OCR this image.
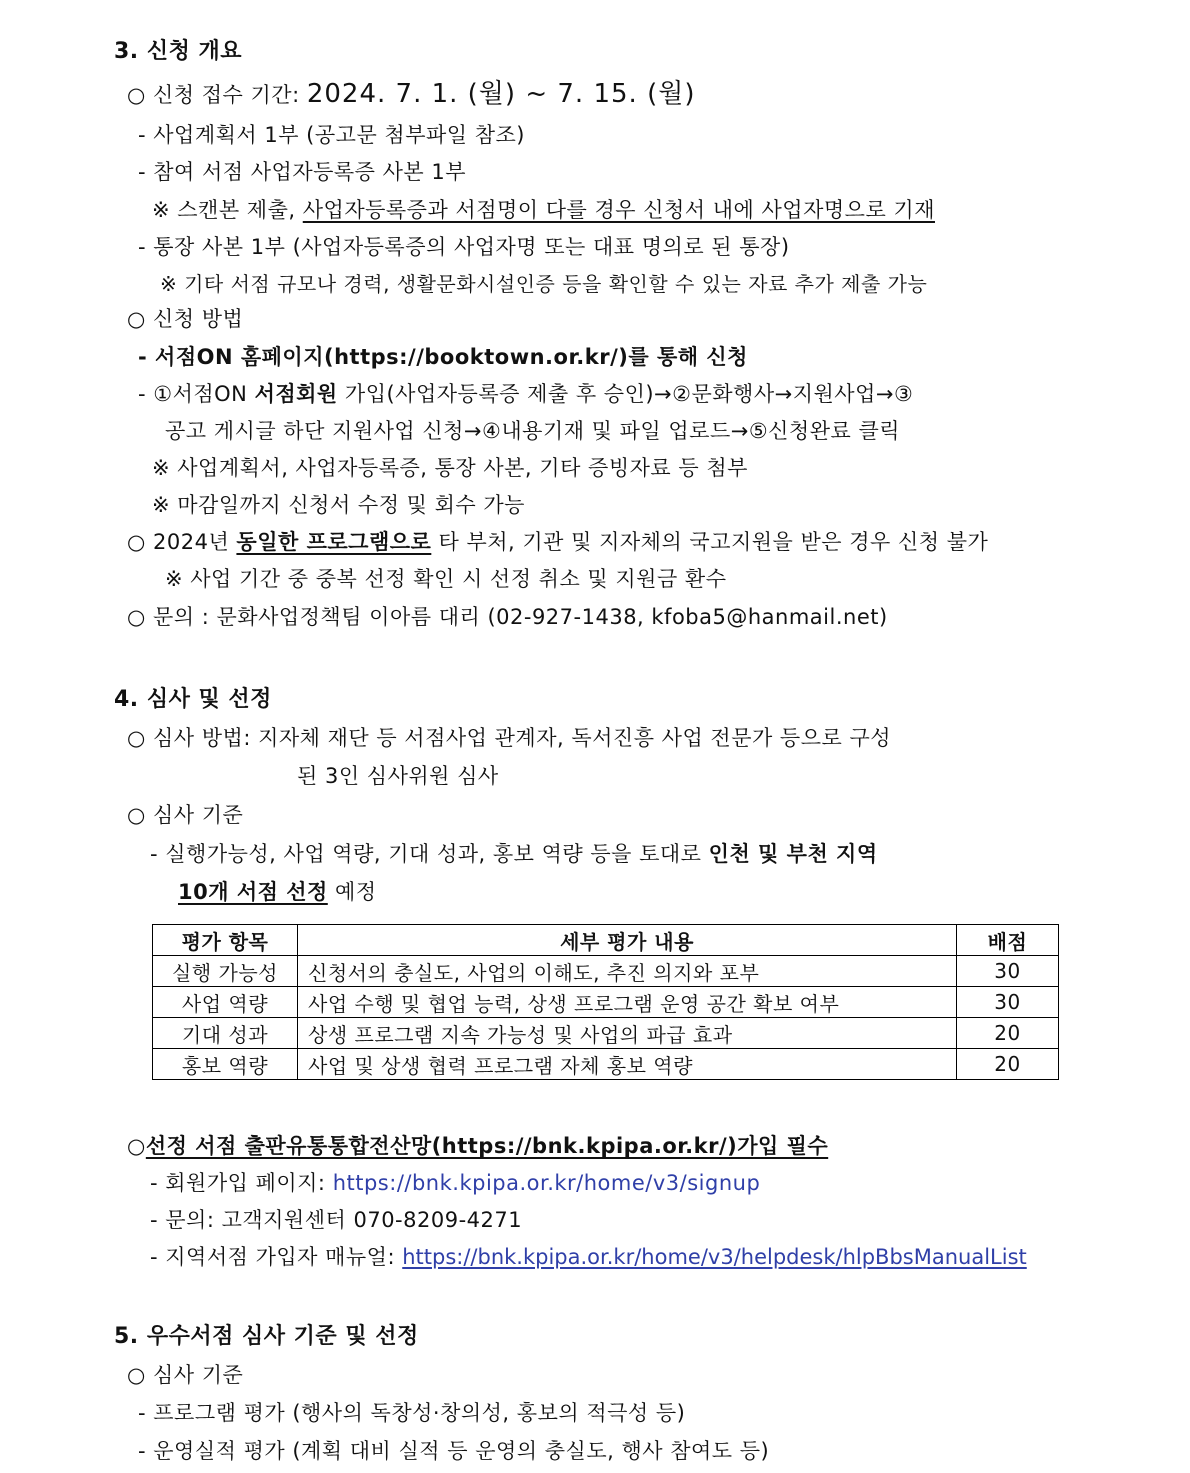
3. 신청 개요
○ 신청 접수 기간: 2024. 7. 1. (월) ~ 7. 15. (월)
- 사업계획서 1부 (공고문 첨부파일 참조)
- 참여 서점 사업자등록증 사본 1부
※ 스캔본 제출, 사업자등록증과 서점명이 다를 경우 신청서 내에 사업자명으로 기재
- 통장 사본 1부 (사업자등록증의 사업자명 또는 대표 명의로 된 통장)
※ 기타 서점 규모나 경력, 생활문화시설인증 등을 확인할 수 있는 자료 추가 제출 가능
○ 신청 방법
- 서점ON 홈페이지(https://booktown.or.kr/)를 통해 신청
- ①서점ON 서점회원 가입(사업자등록증 제출 후 승인)→②문화행사→지원사업→③
공고 게시글 하단 지원사업 신청→④내용기재 및 파일 업로드→⑤신청완료 클릭
※ 사업계획서, 사업자등록증, 통장 사본, 기타 증빙자료 등 첨부
※ 마감일까지 신청서 수정 및 회수 가능
○ 2024년 동일한 프로그램으로 타 부처, 기관 및 지자체의 국고지원을 받은 경우 신청 불가
※ 사업 기간 중 중복 선정 확인 시 선정 취소 및 지원금 환수
○ 문의 : 문화사업정책팀 이아름 대리 (02-927-1438, kfoba5@hanmail.net)
4. 심사 및 선정
○ 심사 방법: 지자체 재단 등 서점사업 관계자, 독서진흥 사업 전문가 등으로 구성
된 3인 심사위원 심사
○ 심사 기준
- 실행가능성, 사업 역량, 기대 성과, 홍보 역량 등을 토대로 인천 및 부천 지역
10개 서점 선정 예정
평가 항목	세부 평가 내용	배점
실행 가능성	신청서의 충실도, 사업의 이해도, 추진 의지와 포부	30
사업 역량	사업 수행 및 협업 능력, 상생 프로그램 운영 공간 확보 여부	30
기대 성과	상생 프로그램 지속 가능성 및 사업의 파급 효과	20
홍보 역량	사업 및 상생 협력 프로그램 자체 홍보 역량	20
○선정 서점 출판유통통합전산망(https://bnk.kpipa.or.kr/)가입 필수
- 회원가입 페이지: https://bnk.kpipa.or.kr/home/v3/signup
- 문의: 고객지원센터 070-8209-4271
- 지역서점 가입자 매뉴얼: https://bnk.kpipa.or.kr/home/v3/helpdesk/hlpBbsManualList
5. 우수서점 심사 기준 및 선정
○ 심사 기준
- 프로그램 평가 (행사의 독창성·창의성, 홍보의 적극성 등)
- 운영실적 평가 (계획 대비 실적 등 운영의 충실도, 행사 참여도 등)
